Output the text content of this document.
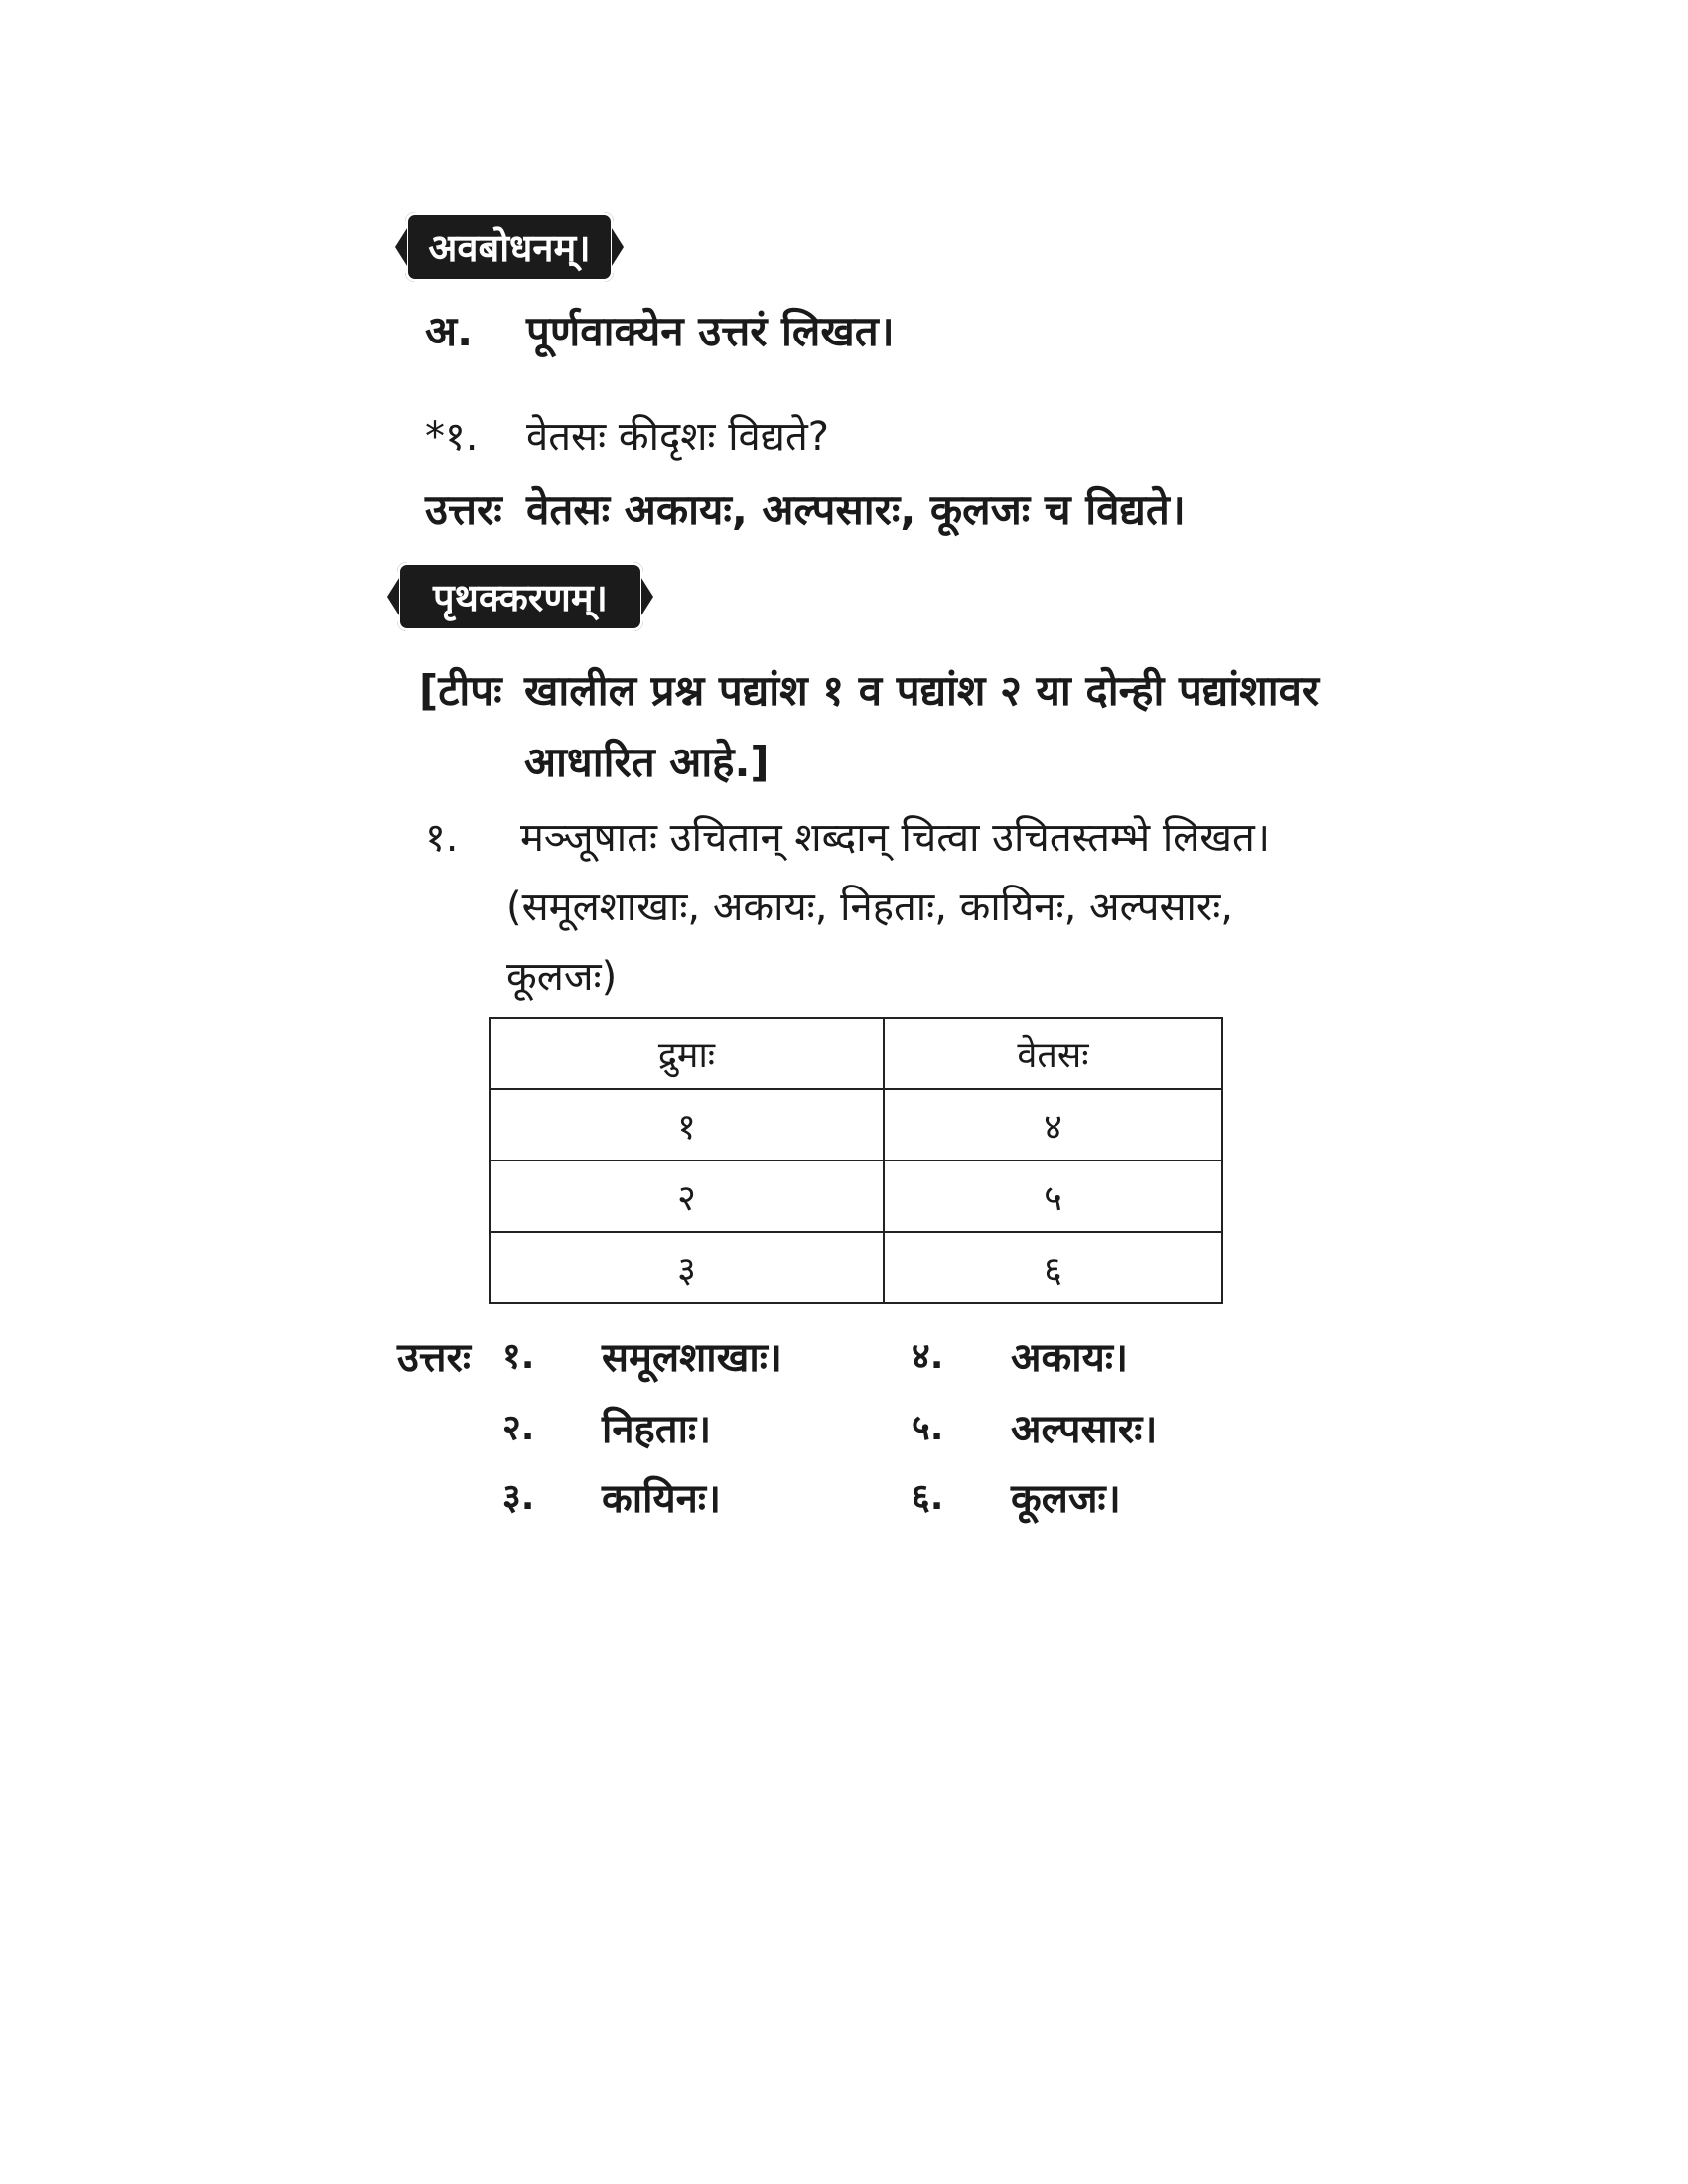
अवबोधनम्।
अ. पूर्णवाक्येन उत्तरं लिखत।
*१. वेतसः कीदृशः विद्यते?
उत्तरः वेतसः अकायः, अल्पसारः, कूलजः च विद्यते।
पृथक्करणम्।
[टीपः खालील प्रश्न पद्यांश १ व पद्यांश २ या दोन्ही पद्यांशावर
आधारित आहे.]
१. मञ्जूषातः उचितान् शब्दान् चित्वा उचितस्तम्भे लिखत।
(समूलशाखाः, अकायः, निहताः, कायिनः, अल्पसारः,
कूलजः)
द्रुमाः	वेतसः
१	४
२	५
३	६
उत्तरः १. समूलशाखाः।
२. निहताः।
३. कायिनः।
४. अकायः।
५. अल्पसारः।
६. कूलजः।
